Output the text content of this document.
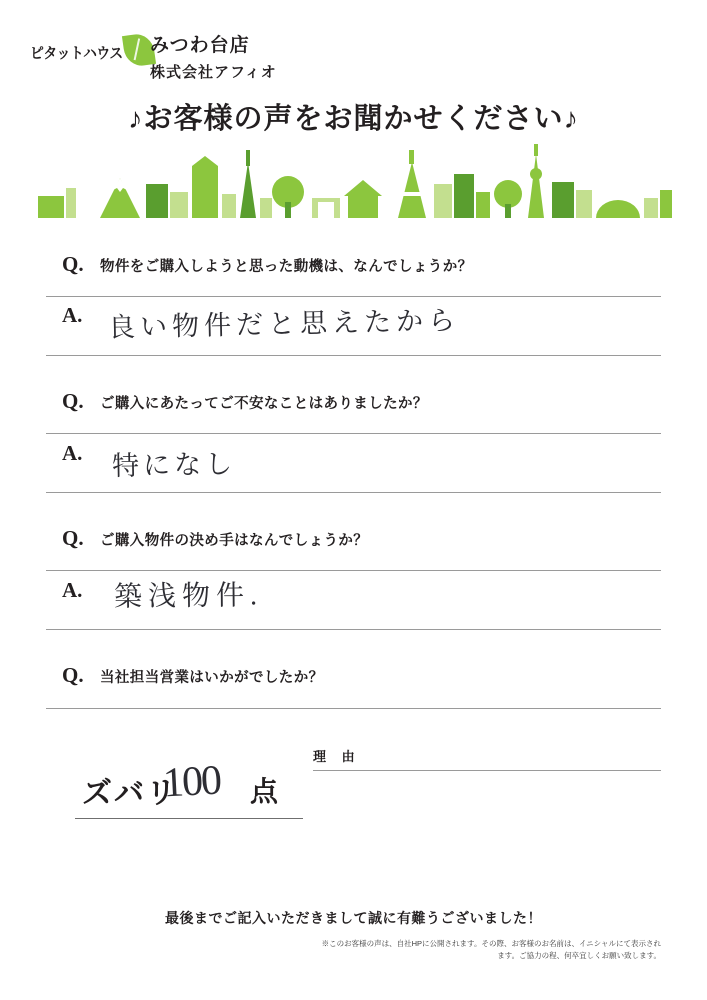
ピタットハウス みつわ台店
株式会社アフィオ
♪お客様の声をお聞かせください♪
Q.	物件をご購入しようと思った動機は、なんでしょうか？
A. 良い物件だと思えたから
Q.	ご購入にあたってご不安なことはありましたか？
A. 特になし
Q.	ご購入物件の決め手はなんでしょうか？
A. 築浅物件.
Q.	当社担当営業はいかがでしたか？
理 由
ズバリ
100 点
最後までご記入いただきまして誠に有難うございました！
※このお客様の声は、自社HPに公開されます。その際、お客様のお名前は、イニシャルにて表示され
ます。ご協力の程、何卒宜しくお願い致します。
